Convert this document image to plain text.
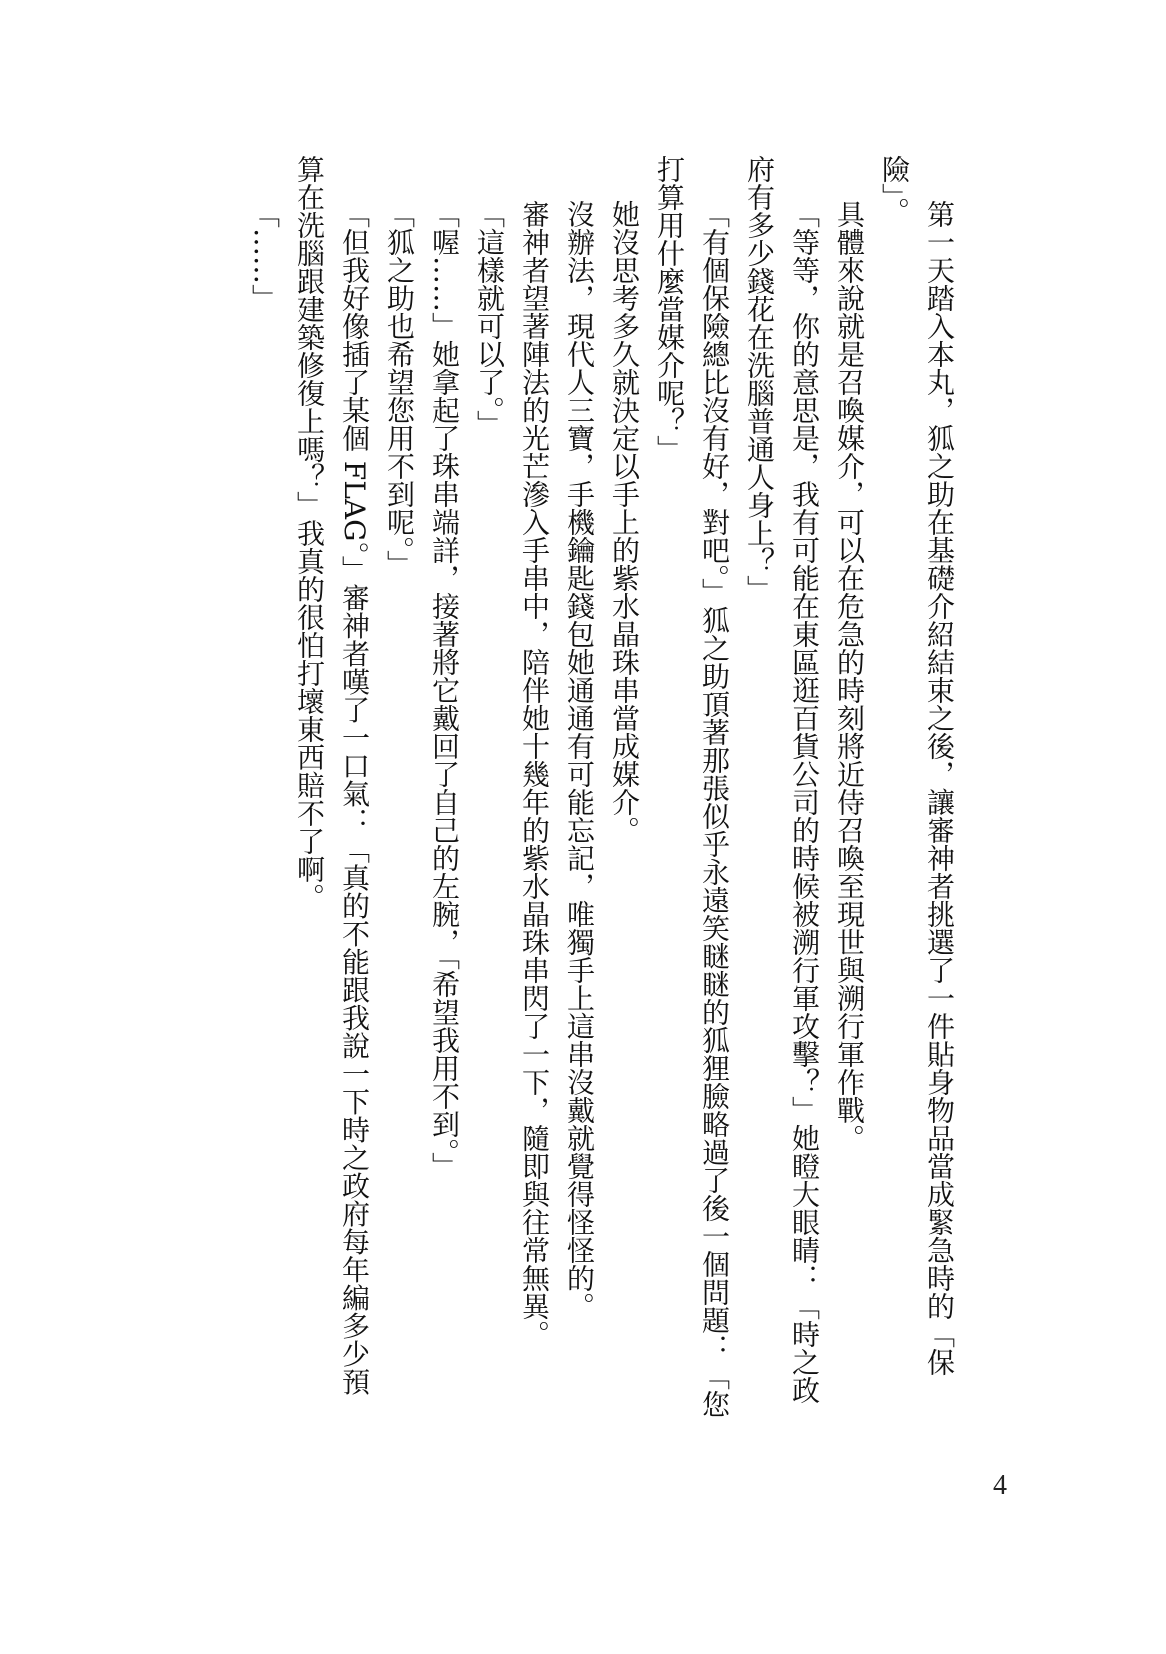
第一天踏入本丸，狐之助在基礎介紹結束之後，讓審神者挑選了一件貼身物品當成緊急時的「保
險」。
具體來說就是召喚媒介，可以在危急的時刻將近侍召喚至現世與溯行軍作戰。
「等等，你的意思是，我有可能在東區逛百貨公司的時候被溯行軍攻擊？」她瞪大眼睛：「時之政
府有多少錢花在洗腦普通人身上？」
「有個保險總比沒有好，對吧。」狐之助頂著那張似乎永遠笑瞇瞇的狐狸臉略過了後一個問題：「您
打算用什麼當媒介呢？」
她沒思考多久就決定以手上的紫水晶珠串當成媒介。
沒辦法，現代人三寶，手機鑰匙錢包她通通有可能忘記，唯獨手上這串沒戴就覺得怪怪的。
審神者望著陣法的光芒滲入手串中，陪伴她十幾年的紫水晶珠串閃了一下，隨即與往常無異。
「這樣就可以了。」
「喔……」她拿起了珠串端詳，接著將它戴回了自己的左腕，「希望我用不到。」
「狐之助也希望您用不到呢。」
「但我好像插了某個 FLAG。」審神者嘆了一口氣：「真的不能跟我說一下時之政府每年編多少預
算在洗腦跟建築修復上嗎？」我真的很怕打壞東西賠不了啊。
「……」
4
